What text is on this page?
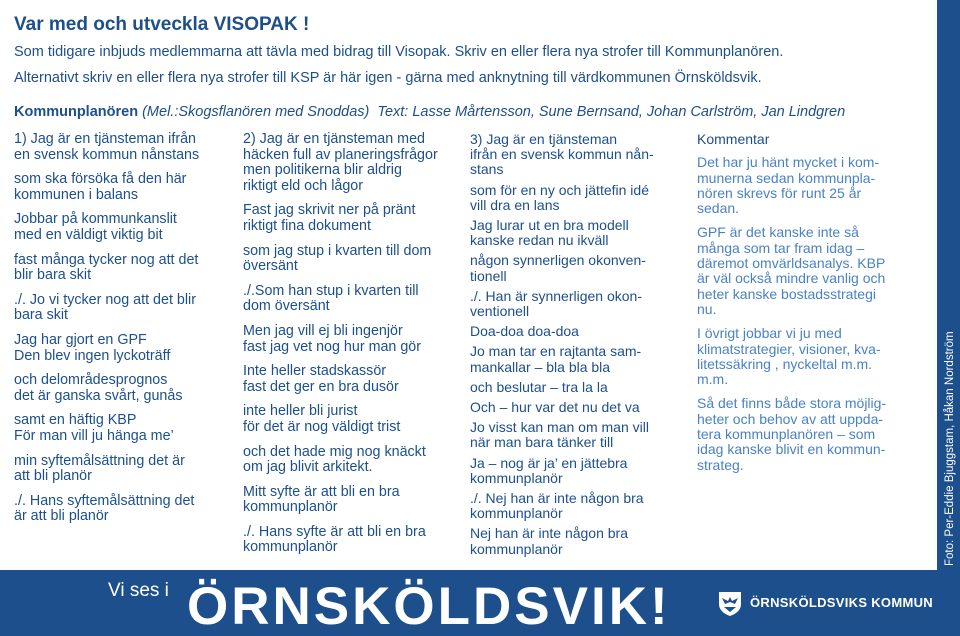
Var med och utveckla VISOPAK !
Som tidigare inbjuds medlemmarna att tävla med bidrag till Visopak. Skriv en eller flera nya strofer till Kommunplanören.
Alternativt skriv en eller flera nya strofer till KSP är här igen - gärna med anknytning till värdkommunen Örnsköldsvik.
Kommunplanören (Mel.:Skogsflanören med Snoddas) Text: Lasse Mårtensson, Sune Bernsand, Johan Carlström, Jan Lindgren

1) Jag är en tjänsteman ifrån
en svensk kommun nånstans

som ska försöka få den här
kommunen i balans

Jobbar på kommunkanslit
med en väldigt viktig bit

fast många tycker nog att det
blir bara skit

./. Jo vi tycker nog att det blir
bara skit

Jag har gjort en GPF
Den blev ingen lyckoträff

och delområdesprognos
det är ganska svårt, gunås

samt en häftig KBP
För man vill ju hänga me’

min syftemålsättning det är
att bli planör

./. Hans syftemålsättning det
är att bli planör

2) Jag är en tjänsteman med
häcken full av planeringsfrågor
men politikerna blir aldrig
riktigt eld och lågor

Fast jag skrivit ner på pränt
riktigt fina dokument

som jag stup i kvarten till dom
översänt

./.Som han stup i kvarten till
dom översänt

Men jag vill ej bli ingenjör
fast jag vet nog hur man gör

Inte heller stadskassör
fast det ger en bra dusör

inte heller bli jurist
för det är nog väldigt trist

och det hade mig nog knäckt
om jag blivit arkitekt.

Mitt syfte är att bli en bra
kommunplanör

./. Hans syfte är att bli en bra
kommunplanör

3) Jag är en tjänsteman
ifrån en svensk kommun nån-
stans

som för en ny och jättefin idé
vill dra en lans

Jag lurar ut en bra modell
kanske redan nu ikväll

någon synnerligen okonven-
tionell

./. Han är synnerligen okon-
ventionell

Doa-doa doa-doa

Jo man tar en rajtanta sam-
mankallar – bla bla bla

och beslutar – tra la la

Och – hur var det nu det va

Jo visst kan man om man vill
när man bara tänker till

Ja – nog är ja’ en jättebra
kommunplanör

./. Nej han är inte någon bra
kommunplanör

Nej han är inte någon bra
kommunplanör

Kommentar

Det har ju hänt mycket i kom-
munerna sedan kommunpla-
nören skrevs för runt 25 år
sedan.

GPF är det kanske inte så
många som tar fram idag –
däremot omvärldsanalys. KBP
är väl också mindre vanlig och
heter kanske bostadsstrategi
nu.

I övrigt jobbar vi ju med
klimatstrategier, visioner, kva-
litetssäkring , nyckeltal m.m.
m.m.

Så det finns både stora möjlig-
heter och behov av att uppda-
tera kommunplanören – som
idag kanske blivit en kommun-
strateg.	Foto: Per-Eddie Bjuggstam, Håkan Nordström
Vi ses i ÖRNSKÖLDSVIK!	ÖRNSKÖLDSVIKS KOMMUN
